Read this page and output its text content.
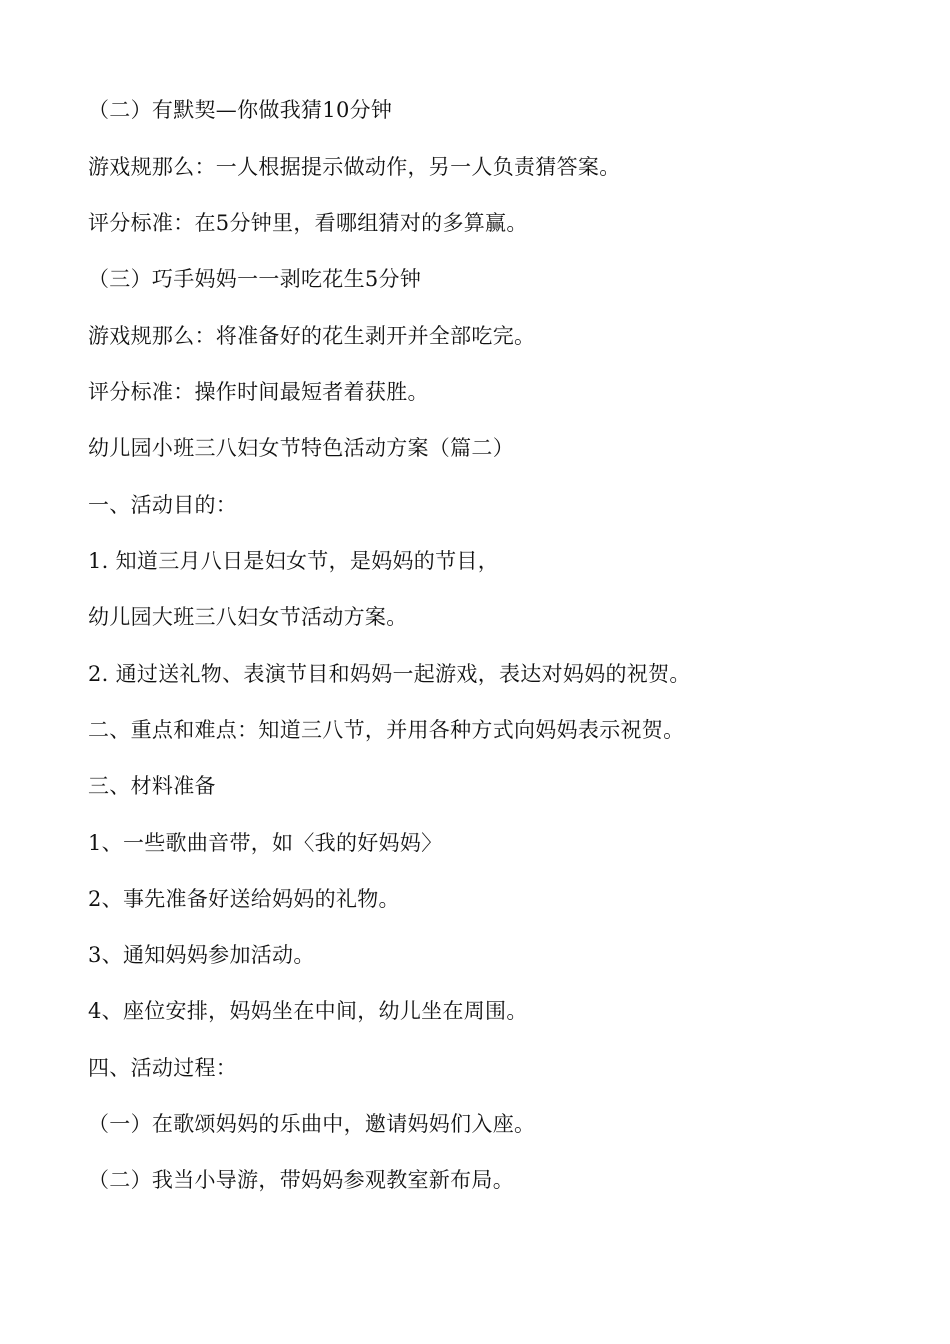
（二）有默契—你做我猜10分钟
游戏规那么：一人根据提示做动作，另一人负责猜答案。
评分标准：在5分钟里，看哪组猜对的多算赢。
（三）巧手妈妈一一剥吃花生5分钟
游戏规那么：将准备好的花生剥开并全部吃完。
评分标准：操作时间最短者着获胜。
幼儿园小班三八妇女节特色活动方案（篇二）
一、活动目的：
1. 知道三月八日是妇女节，是妈妈的节目，
幼儿园大班三八妇女节活动方案。
2. 通过送礼物、表演节目和妈妈一起游戏，表达对妈妈的祝贺。
二、重点和难点：知道三八节，并用各种方式向妈妈表示祝贺。
三、材料准备
1、一些歌曲音带，如〈我的好妈妈〉
2、事先准备好送给妈妈的礼物。
3、通知妈妈参加活动。
4、座位安排，妈妈坐在中间，幼儿坐在周围。
四、活动过程：
（一）在歌颂妈妈的乐曲中，邀请妈妈们入座。
（二）我当小导游，带妈妈参观教室新布局。
